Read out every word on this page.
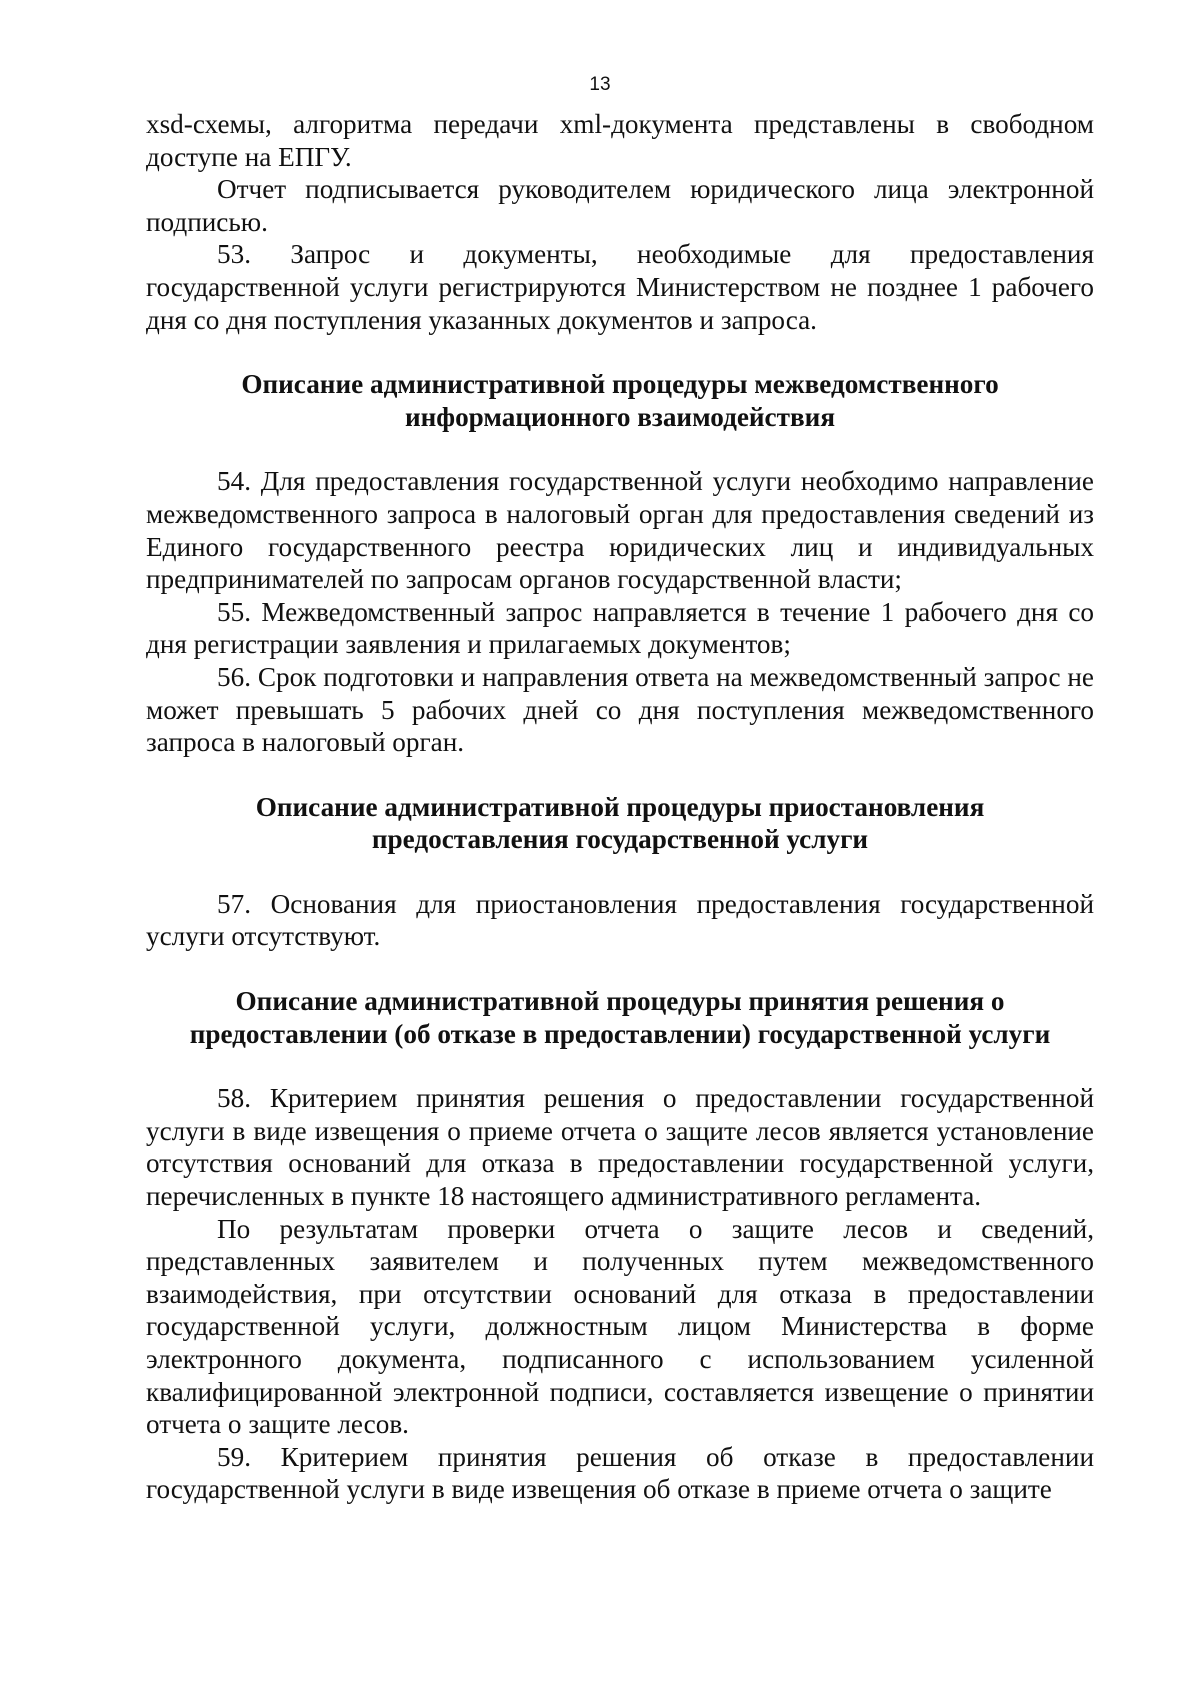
13

xsd-схемы, алгоритма передачи xml-документа представлены в свободном доступе на ЕПГУ.

Отчет подписывается руководителем юридического лица электронной подписью.

53. Запрос и документы, необходимые для предоставления государственной услуги регистрируются Министерством не позднее 1 рабочего дня со дня поступления указанных документов и запроса.

Описание административной процедуры межведомственного
информационного взаимодействия

54. Для предоставления государственной услуги необходимо направление межведомственного запроса в налоговый орган для предоставления сведений из Единого государственного реестра юридических лиц и индивидуальных предпринимателей по запросам органов государственной власти;

55. Межведомственный запрос направляется в течение 1 рабочего дня со дня регистрации заявления и прилагаемых документов;

56. Срок подготовки и направления ответа на межведомственный запрос не может превышать 5 рабочих дней со дня поступления межведомственного запроса в налоговый орган.

Описание административной процедуры приостановления
предоставления государственной услуги

57. Основания для приостановления предоставления государственной услуги отсутствуют.

Описание административной процедуры принятия решения о
предоставлении (об отказе в предоставлении) государственной услуги

58. Критерием принятия решения о предоставлении государственной услуги в виде извещения о приеме отчета о защите лесов является установление отсутствия оснований для отказа в предоставлении государственной услуги, перечисленных в пункте 18 настоящего административного регламента.

По результатам проверки отчета о защите лесов и сведений, представленных заявителем и полученных путем межведомственного взаимодействия, при отсутствии оснований для отказа в предоставлении государственной услуги, должностным лицом Министерства в форме электронного документа, подписанного с использованием усиленной квалифицированной электронной подписи, составляется извещение о принятии отчета о защите лесов.

59. Критерием принятия решения об отказе в предоставлении государственной услуги в виде извещения об отказе в приеме отчета о защите
